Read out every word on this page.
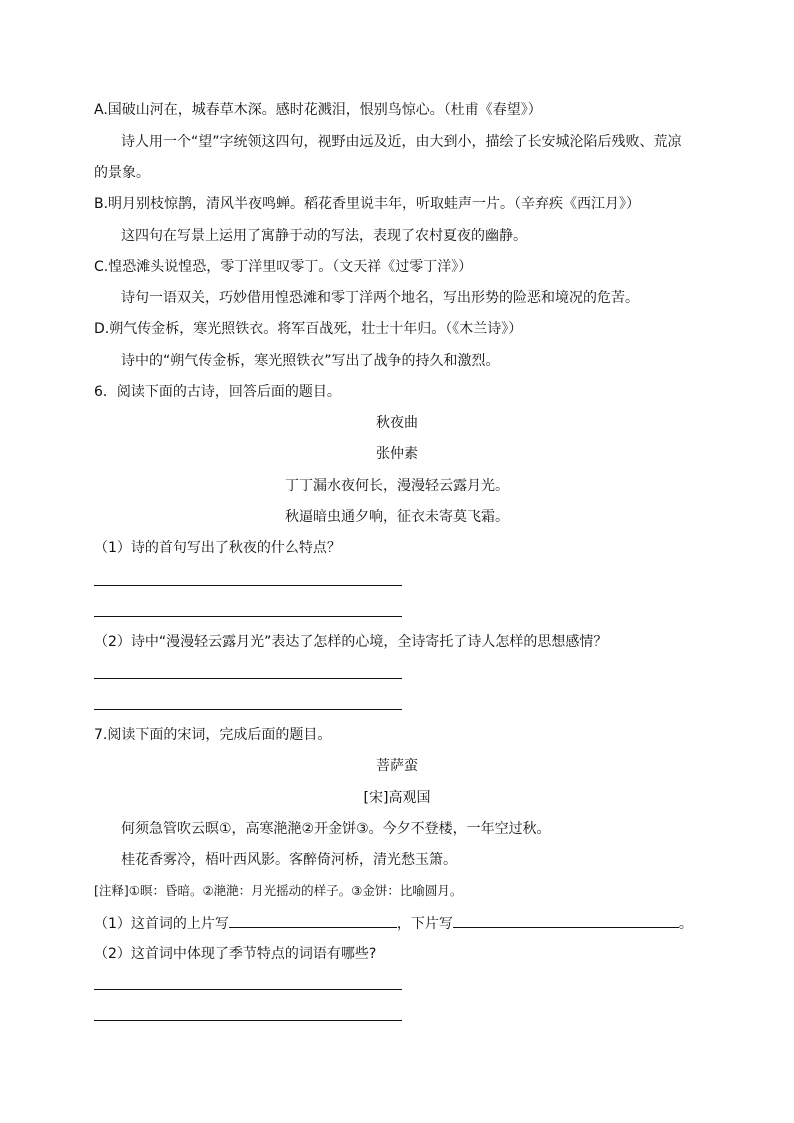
A.国破山河在，城春草木深。感时花溅泪，恨别鸟惊心。（杜甫《春望》）
诗人用一个“望”字统领这四句，视野由远及近，由大到小，描绘了长安城沦陷后残败、荒凉
的景象。
B.明月别枝惊鹊，清风半夜鸣蝉。稻花香里说丰年，听取蛙声一片。（辛弃疾《西江月》）
这四句在写景上运用了寓静于动的写法，表现了农村夏夜的幽静。
C.惶恐滩头说惶恐，零丁洋里叹零丁。（文天祥《过零丁洋》）
诗句一语双关，巧妙借用惶恐滩和零丁洋两个地名，写出形势的险恶和境况的危苦。
D.朔气传金柝，寒光照铁衣。将军百战死，壮士十年归。（《木兰诗》）
诗中的“朔气传金柝，寒光照铁衣”写出了战争的持久和激烈。
6．阅读下面的古诗，回答后面的题目。
秋夜曲
张仲素
丁丁漏水夜何长，漫漫轻云露月光。
秋逼暗虫通夕响，征衣未寄莫飞霜。
（1）诗的首句写出了秋夜的什么特点？
（2）诗中“漫漫轻云露月光”表达了怎样的心境，全诗寄托了诗人怎样的思想感情？
7.阅读下面的宋词，完成后面的题目。
菩萨蛮
[宋]高观国
何须急管吹云暝①，高寒滟滟②开金饼③。今夕不登楼，一年空过秋。
桂花香雾冷，梧叶西风影。客醉倚河桥，清光愁玉箫。
[注释]①暝：昏暗。②滟滟：月光摇动的样子。③金饼：比喻圆月。
（1）这首词的上片写	，下片写	。
（2）这首词中体现了季节特点的词语有哪些?
